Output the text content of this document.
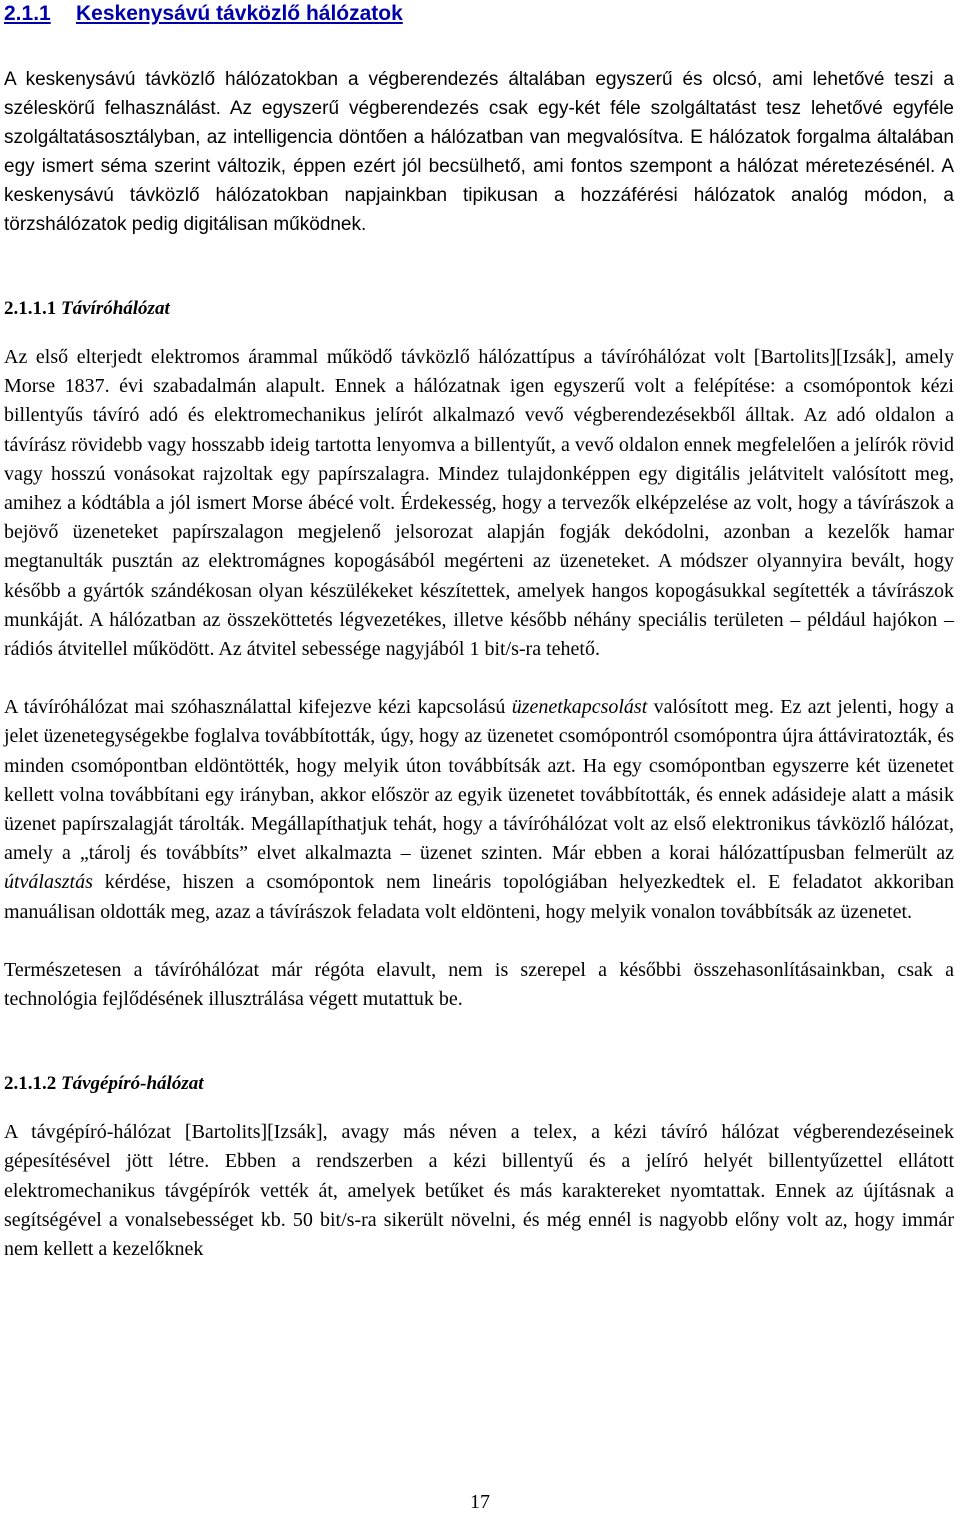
2.1.1 Keskenysávú távközlő hálózatok

A keskenysávú távközlő hálózatokban a végberendezés általában egyszerű és olcsó, ami lehetővé teszi a széleskörű felhasználást. Az egyszerű végberendezés csak egy-két féle szolgáltatást tesz lehetővé egyféle szolgáltatásosztályban, az intelligencia döntően a hálózatban van megvalósítva. E hálózatok forgalma általában egy ismert séma szerint változik, éppen ezért jól becsülhető, ami fontos szempont a hálózat méretezésénél. A keskenysávú távközlő hálózatokban napjainkban tipikusan a hozzáférési hálózatok analóg módon, a törzshálózatok pedig digitálisan működnek.

2.1.1.1 Távíróhálózat

Az első elterjedt elektromos árammal működő távközlő hálózattípus a távíróhálózat volt [Bartolits][Izsák], amely Morse 1837. évi szabadalmán alapult. Ennek a hálózatnak igen egyszerű volt a felépítése: a csomópontok kézi billentyűs távíró adó és elektromechanikus jelírót alkalmazó vevő végberendezésekből álltak. Az adó oldalon a távírász rövidebb vagy hosszabb ideig tartotta lenyomva a billentyűt, a vevő oldalon ennek megfelelően a jelírók rövid vagy hosszú vonásokat rajzoltak egy papírszalagra. Mindez tulajdonképpen egy digitális jelátvitelt valósított meg, amihez a kódtábla a jól ismert Morse ábécé volt. Érdekesség, hogy a tervezők elképzelése az volt, hogy a távírászok a bejövő üzeneteket papírszalagon megjelenő jelsorozat alapján fogják dekódolni, azonban a kezelők hamar megtanulták pusztán az elektromágnes kopogásából megérteni az üzeneteket. A módszer olyannyira bevált, hogy később a gyártók szándékosan olyan készülékeket készítettek, amelyek hangos kopogásukkal segítették a távírászok munkáját. A hálózatban az összeköttetés légvezetékes, illetve később néhány speciális területen – például hajókon – rádiós átvitellel működött. Az átvitel sebessége nagyjából 1 bit/s-ra tehető.

A távíróhálózat mai szóhasználattal kifejezve kézi kapcsolású üzenetkapcsolást valósított meg. Ez azt jelenti, hogy a jelet üzenetegységekbe foglalva továbbították, úgy, hogy az üzenetet csomópontról csomópontra újra áttáviratozták, és minden csomópontban eldöntötték, hogy melyik úton továbbítsák azt. Ha egy csomópontban egyszerre két üzenetet kellett volna továbbítani egy irányban, akkor először az egyik üzenetet továbbították, és ennek adásideje alatt a másik üzenet papírszalagját tárolták. Megállapíthatjuk tehát, hogy a távíróhálózat volt az első elektronikus távközlő hálózat, amely a „tárolj és továbbíts” elvet alkalmazta – üzenet szinten. Már ebben a korai hálózattípusban felmerült az útválasztás kérdése, hiszen a csomópontok nem lineáris topológiában helyezkedtek el. E feladatot akkoriban manuálisan oldották meg, azaz a távírászok feladata volt eldönteni, hogy melyik vonalon továbbítsák az üzenetet.

Természetesen a távíróhálózat már régóta elavult, nem is szerepel a későbbi összehasonlításainkban, csak a technológia fejlődésének illusztrálása végett mutattuk be.

2.1.1.2 Távgépíró-hálózat

A távgépíró-hálózat [Bartolits][Izsák], avagy más néven a telex, a kézi távíró hálózat végberendezéseinek gépesítésével jött létre. Ebben a rendszerben a kézi billentyű és a jelíró helyét billentyűzettel ellátott elektromechanikus távgépírók vették át, amelyek betűket és más karaktereket nyomtattak. Ennek az újításnak a segítségével a vonalsebességet kb. 50 bit/s-ra sikerült növelni, és még ennél is nagyobb előny volt az, hogy immár nem kellett a kezelőknek

17
